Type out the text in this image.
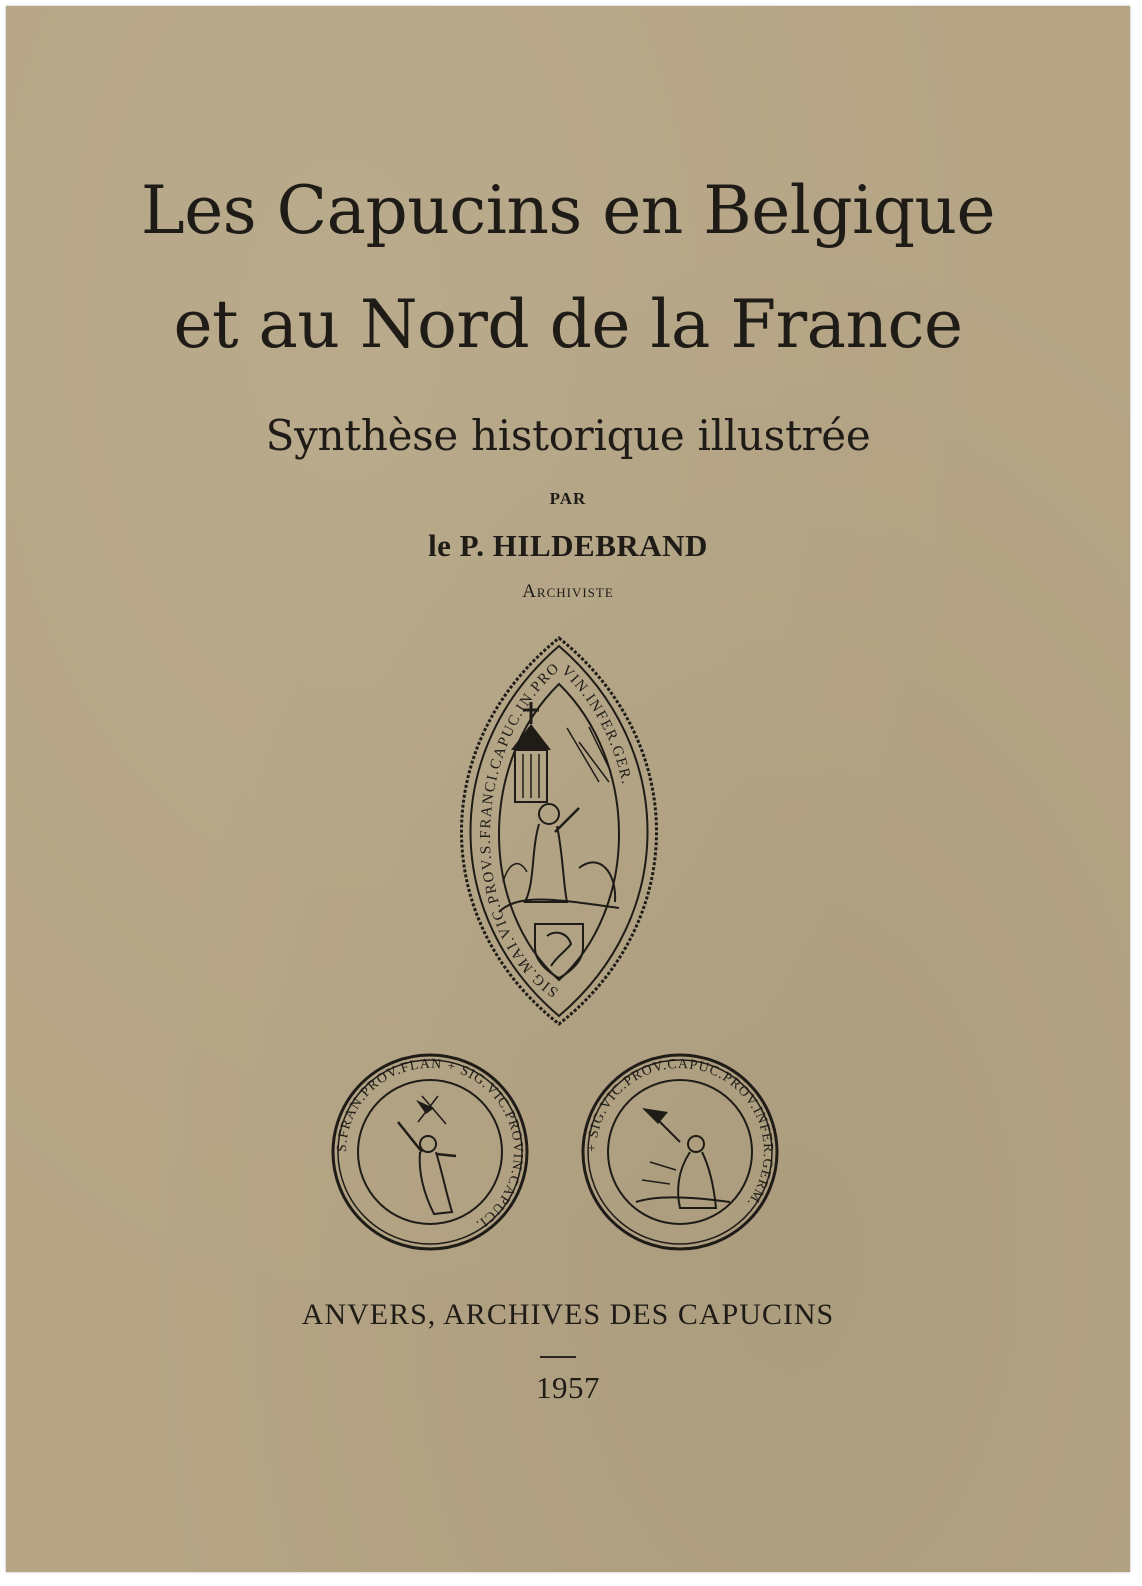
Les Capucins en Belgique
et au Nord de la France
Synthèse historique illustrée
PAR
le P. HILDEBRAND
Archiviste
SIG.MAI.VIC.PROV.S.FRANCI.CAPUC.IN.PROVIN.INFER.GER.
S.FRAN.PROV.FLAN + SIG.VIC.PROVIN.CAPUCI.
+ SIG.VIC.PROV.CAPUC.PROV.INFER.GERM.
ANVERS, ARCHIVES DES CAPUCINS
1957
